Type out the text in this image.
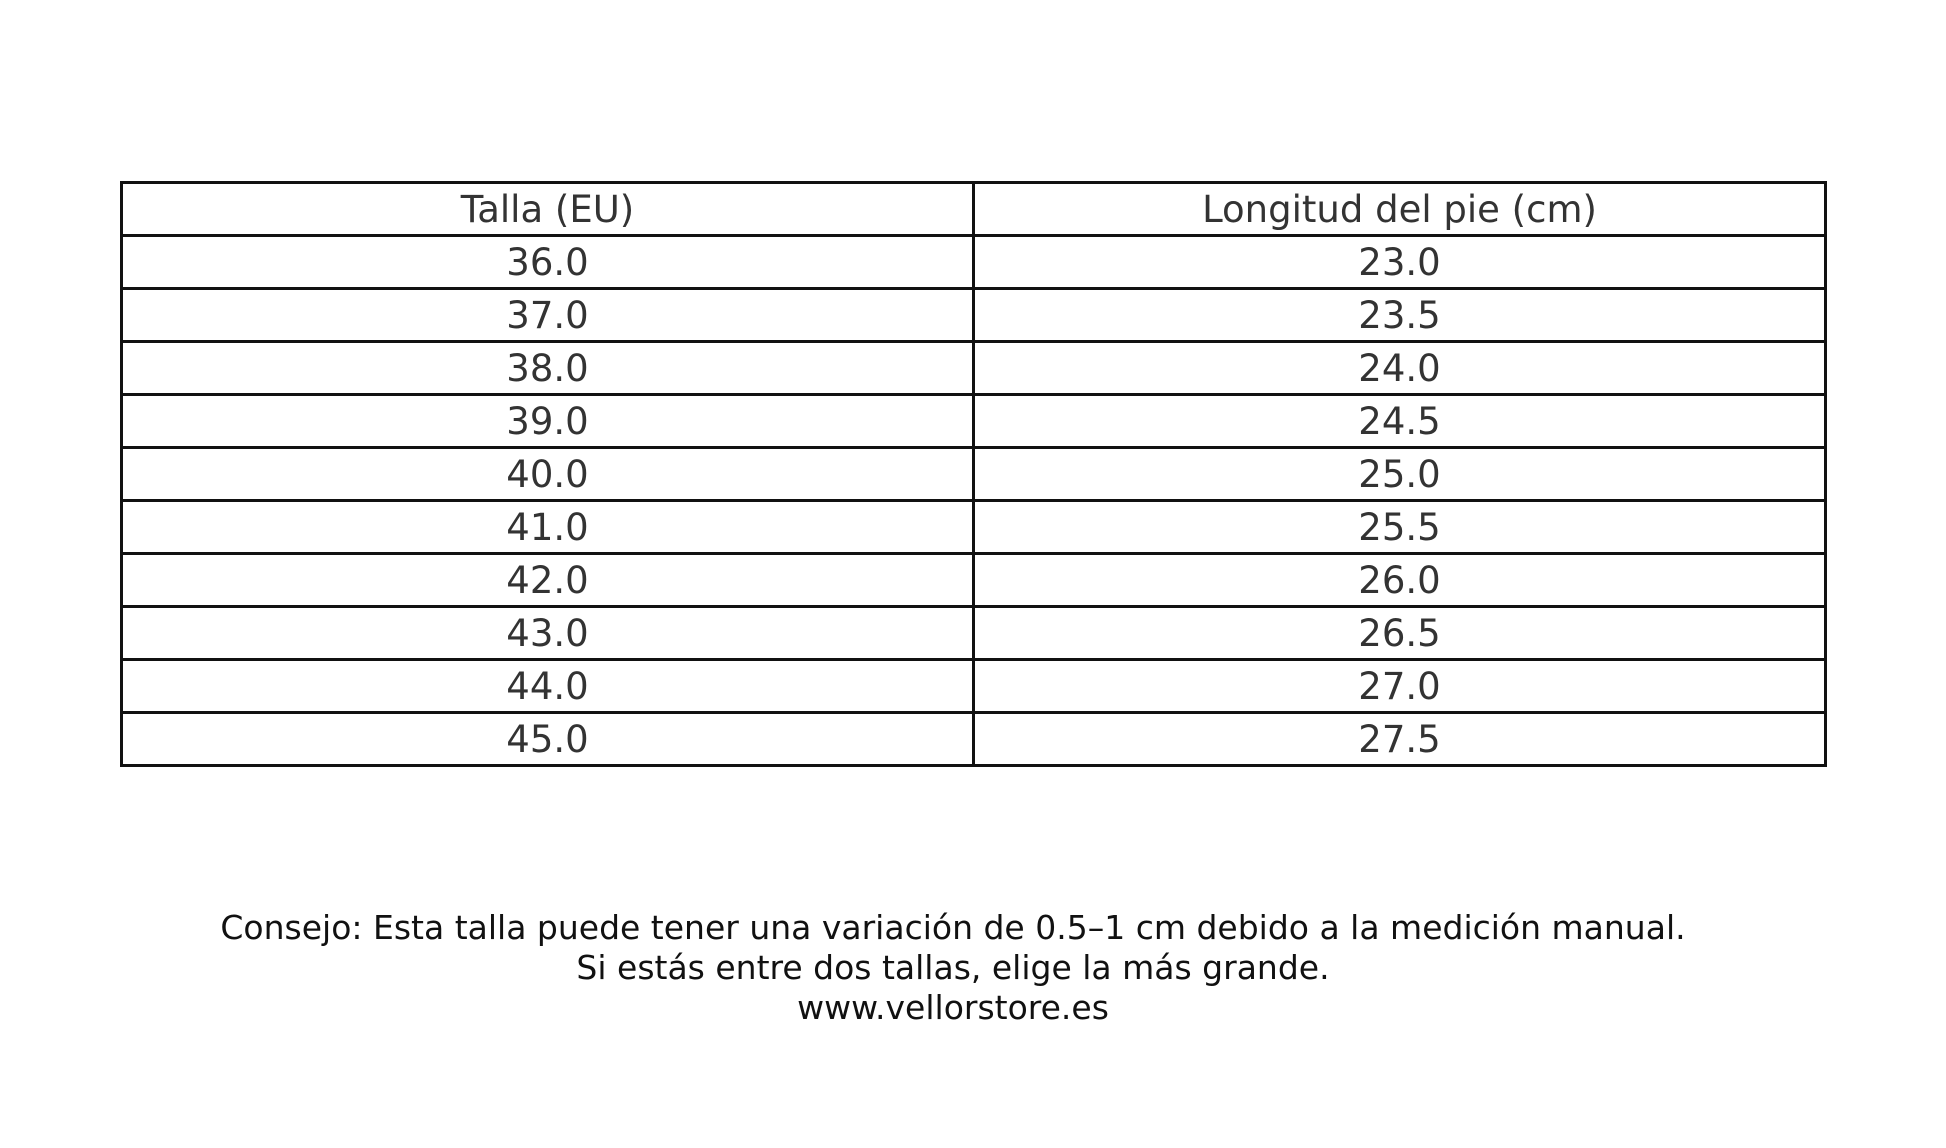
Talla (EU)	Longitud del pie (cm)
36.0	23.0
37.0	23.5
38.0	24.0
39.0	24.5
40.0	25.0
41.0	25.5
42.0	26.0
43.0	26.5
44.0	27.0
45.0	27.5
Consejo: Esta talla puede tener una variación de 0.5–1 cm debido a la medición manual.
Si estás entre dos tallas, elige la más grande.
www.vellorstore.es
